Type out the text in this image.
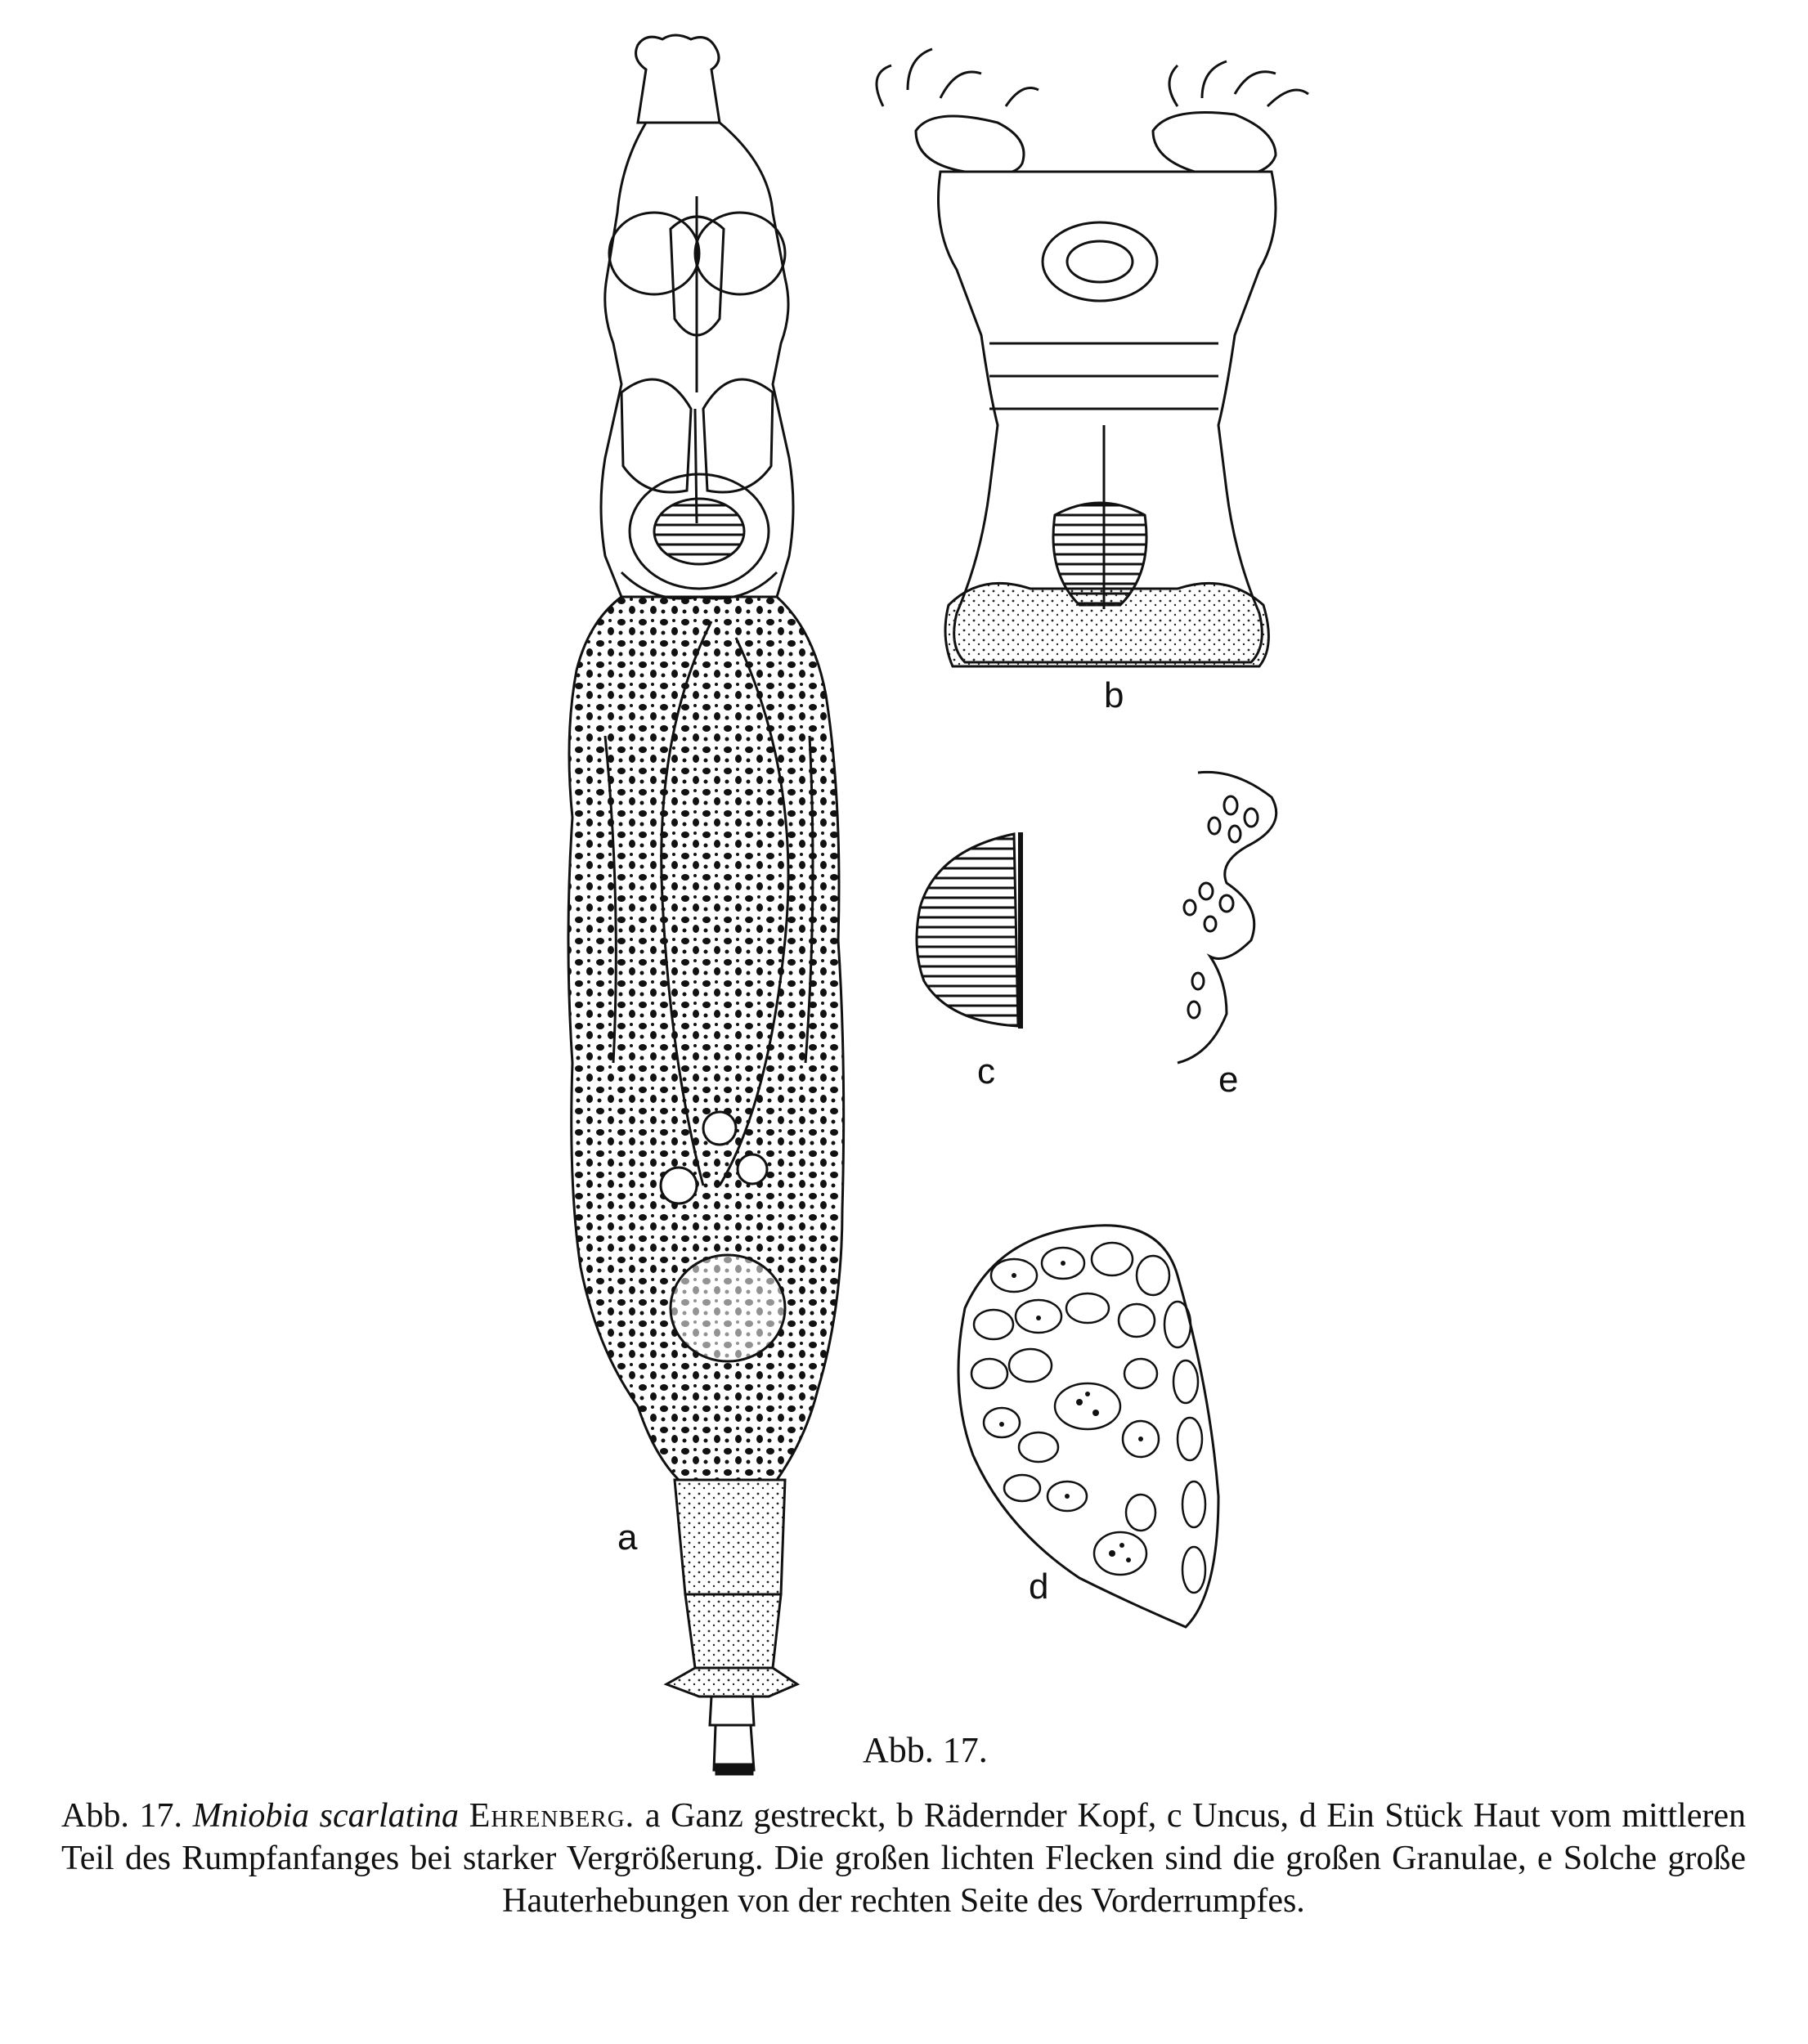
a
b
c	e
d
Abb. 17.
Abb. 17. Mniobia scarlatina Ehrenberg. a Ganz gestreckt, b Rädernder Kopf, c Uncus, d Ein Stück Haut vom mittleren Teil des Rumpfanfanges bei starker Vergrößerung. Die großen lichten Flecken sind die großen Granulae, e Solche große Hauterhebungen von der rechten Seite des Vorderrumpfes.
